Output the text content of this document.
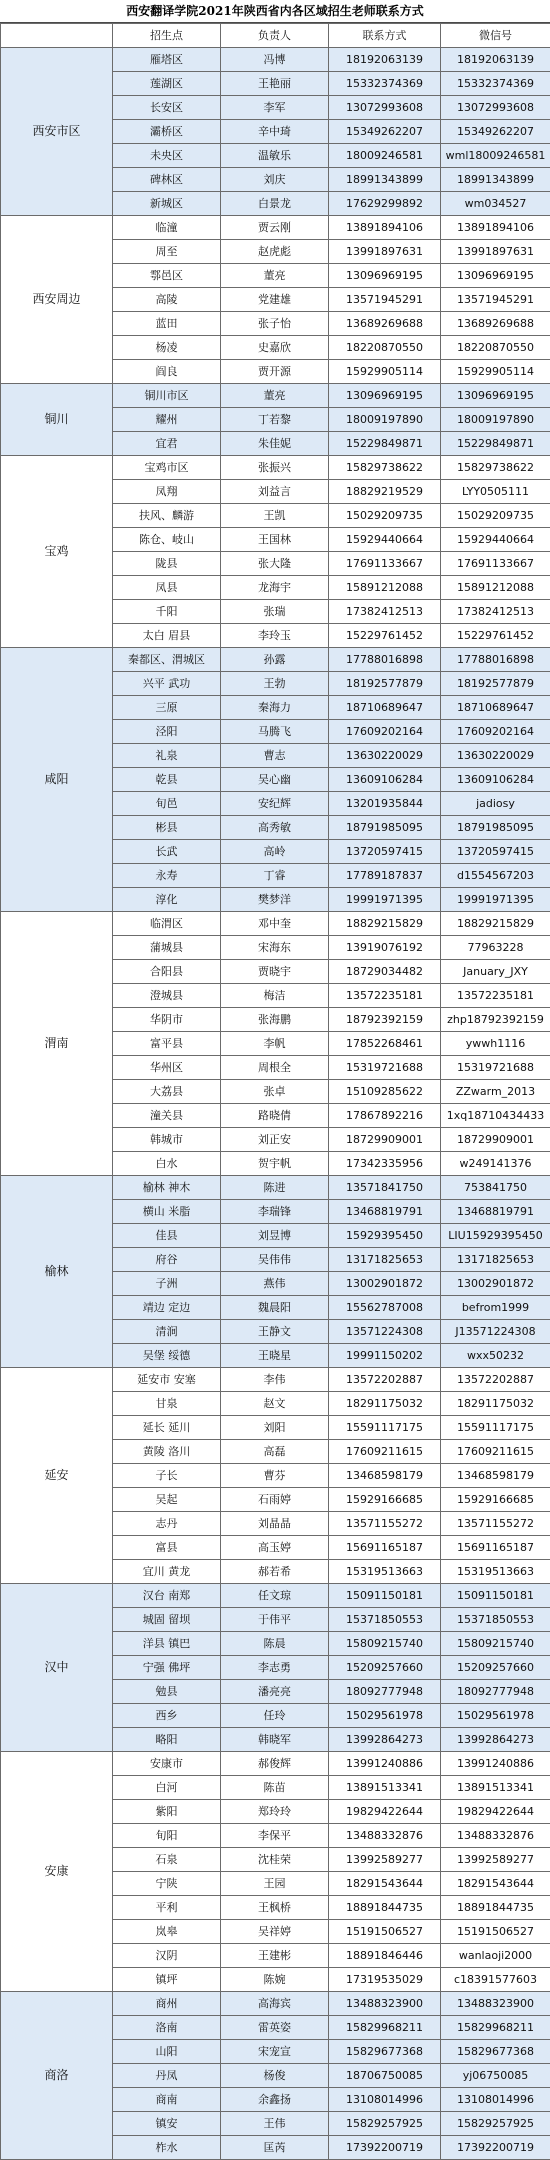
西安翻译学院2021年陕西省内各区域招生老师联系方式
	招生点	负责人	联系方式	微信号
西安市区	雁塔区	冯博	18192063139	18192063139
	莲湖区	王艳丽	15332374369	15332374369
	长安区	李军	13072993608	13072993608
	灞桥区	辛中琦	15349262207	15349262207
	未央区	温敏乐	18009246581	wml18009246581
	碑林区	刘庆	18991343899	18991343899
	新城区	白景龙	17629299892	wm034527
西安周边	临潼	贾云刚	13891894106	13891894106
	周至	赵虎彪	13991897631	13991897631
	鄠邑区	董亮	13096969195	13096969195
	高陵	党建雄	13571945291	13571945291
	蓝田	张子怡	13689269688	13689269688
	杨凌	史嘉欣	18220870550	18220870550
	阎良	贾开源	15929905114	15929905114
铜川	铜川市区	董亮	13096969195	13096969195
	耀州	丁若黎	18009197890	18009197890
	宜君	朱佳妮	15229849871	15229849871
宝鸡	宝鸡市区	张振兴	15829738622	15829738622
	凤翔	刘益言	18829219529	LYY0505111
	扶风、麟游	王凯	15029209735	15029209735
	陈仓、岐山	王国林	15929440664	15929440664
	陇县	张大隆	17691133667	17691133667
	凤县	龙海宇	15891212088	15891212088
	千阳	张瑞	17382412513	17382412513
	太白 眉县	李玲玉	15229761452	15229761452
咸阳	秦都区、渭城区	孙露	17788016898	17788016898
	兴平 武功	王勃	18192577879	18192577879
	三原	秦海力	18710689647	18710689647
	泾阳	马腾飞	17609202164	17609202164
	礼泉	曹志	13630220029	13630220029
	乾县	吴心幽	13609106284	13609106284
	旬邑	安纪辉	13201935844	jadiosy
	彬县	高秀敏	18791985095	18791985095
	长武	高岭	13720597415	13720597415
	永寿	丁睿	17789187837	d1554567203
	淳化	樊梦洋	19991971395	19991971395
渭南	临渭区	邓中奎	18829215829	18829215829
	蒲城县	宋海东	13919076192	77963228
	合阳县	贾晓宇	18729034482	January_JXY
	澄城县	梅洁	13572235181	13572235181
	华阴市	张海鹏	18792392159	zhp18792392159
	富平县	李帆	17852268461	ywwh1116
	华州区	周根全	15319721688	15319721688
	大荔县	张卓	15109285622	ZZwarm_2013
	潼关县	路晓倩	17867892216	1xq18710434433
	韩城市	刘正安	18729909001	18729909001
	白水	贺宇帆	17342335956	w249141376
榆林	榆林 神木	陈进	13571841750	753841750
	横山 米脂	李瑞锋	13468819791	13468819791
	佳县	刘昱博	15929395450	LIU15929395450
	府谷	吴伟伟	13171825653	13171825653
	子洲	燕伟	13002901872	13002901872
	靖边 定边	魏晨阳	15562787008	befrom1999
	清涧	王静文	13571224308	J13571224308
	吴堡 绥德	王晓星	19991150202	wxx50232
延安	延安市 安塞	李伟	13572202887	13572202887
	甘泉	赵文	18291175032	18291175032
	延长 延川	刘阳	15591117175	15591117175
	黄陵 洛川	高磊	17609211615	17609211615
	子长	曹芬	13468598179	13468598179
	吴起	石雨婷	15929166685	15929166685
	志丹	刘晶晶	13571155272	13571155272
	富县	高玉婷	15691165187	15691165187
	宜川 黄龙	郝若希	15319513663	15319513663
汉中	汉台 南郑	任文琼	15091150181	15091150181
	城固 留坝	于伟平	15371850553	15371850553
	洋县 镇巴	陈晨	15809215740	15809215740
	宁强 佛坪	李志勇	15209257660	15209257660
	勉县	潘亮亮	18092777948	18092777948
	西乡	任玲	15029561978	15029561978
	略阳	韩晓军	13992864273	13992864273
安康	安康市	郝俊辉	13991240886	13991240886
	白河	陈苗	13891513341	13891513341
	紫阳	郑玲玲	19829422644	19829422644
	旬阳	李保平	13488332876	13488332876
	石泉	沈桂荣	13992589277	13992589277
	宁陕	王园	18291543644	18291543644
	平利	王枫桥	18891844735	18891844735
	岚皋	吴祥婷	15191506527	15191506527
	汉阴	王建彬	18891846446	wanlaoji2000
	镇坪	陈婉	17319535029	c18391577603
商洛	商州	高海宾	13488323900	13488323900
	洛南	雷英姿	15829968211	15829968211
	山阳	宋宠宣	15829677368	15829677368
	丹凤	杨俊	18706750085	yj06750085
	商南	余鑫扬	13108014996	13108014996
	镇安	王伟	15829257925	15829257925
	柞水	匡芮	17392200719	17392200719
